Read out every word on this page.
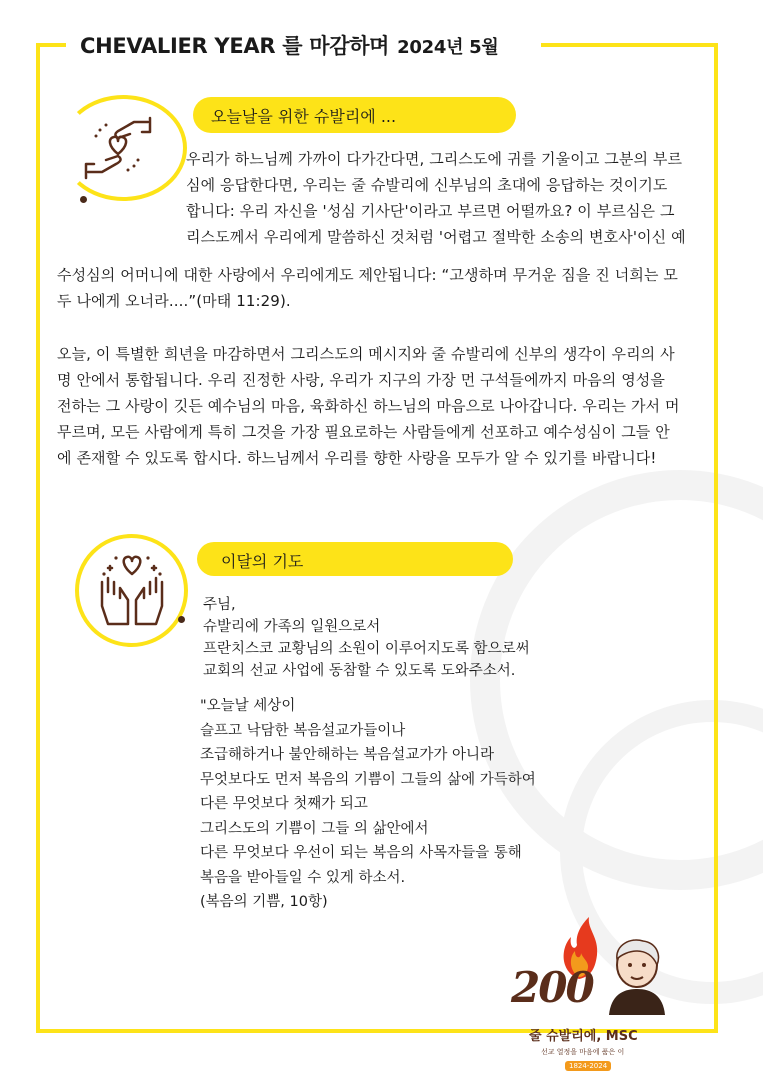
CHEVALIER YEAR 를 마감하며 2024년 5월
오늘날을 위한 슈발리에 ...
우리가 하느님께 가까이 다가간다면, 그리스도에 귀를 기울이고 그분의 부르
심에 응답한다면, 우리는 줄 슈발리에 신부님의 초대에 응답하는 것이기도
합니다: 우리 자신을 '성심 기사단'이라고 부르면 어떨까요? 이 부르심은 그
리스도께서 우리에게 말씀하신 것처럼 '어렵고 절박한 소송의 변호사'이신 예
수성심의 어머니에 대한 사랑에서 우리에게도 제안됩니다: “고생하며 무거운 짐을 진 너희는 모
두 나에게 오너라....”(마태 11:29).
오늘, 이 특별한 희년을 마감하면서 그리스도의 메시지와 줄 슈발리에 신부의 생각이 우리의 사
명 안에서 통합됩니다. 우리 진정한 사랑, 우리가 지구의 가장 먼 구석들에까지 마음의 영성을
전하는 그 사랑이 깃든 예수님의 마음, 육화하신 하느님의 마음으로 나아갑니다. 우리는 가서 머
무르며, 모든 사람에게 특히 그것을 가장 필요로하는 사람들에게 선포하고 예수성심이 그들 안
에 존재할 수 있도록 합시다. 하느님께서 우리를 향한 사랑을 모두가 알 수 있기를 바랍니다!
이달의 기도
주님,
슈발리에 가족의 일원으로서
프란치스코 교황님의 소원이 이루어지도록 함으로써
교회의 선교 사업에 동참할 수 있도록 도와주소서.
"오늘날 세상이
슬프고 낙담한 복음설교가들이나
조급해하거나 불안해하는 복음설교가가 아니라
무엇보다도 먼저 복음의 기쁨이 그들의 삶에 가득하여
다른 무엇보다 첫째가 되고
그리스도의 기쁨이 그들 의 삶안에서
다른 무엇보다 우선이 되는 복음의 사목자들을 통해
복음을 받아들일 수 있게 하소서.
(복음의 기쁨, 10항)
200
줄 슈발리에, MSC
선교 열정을 마음에 품은 이
1824-2024
